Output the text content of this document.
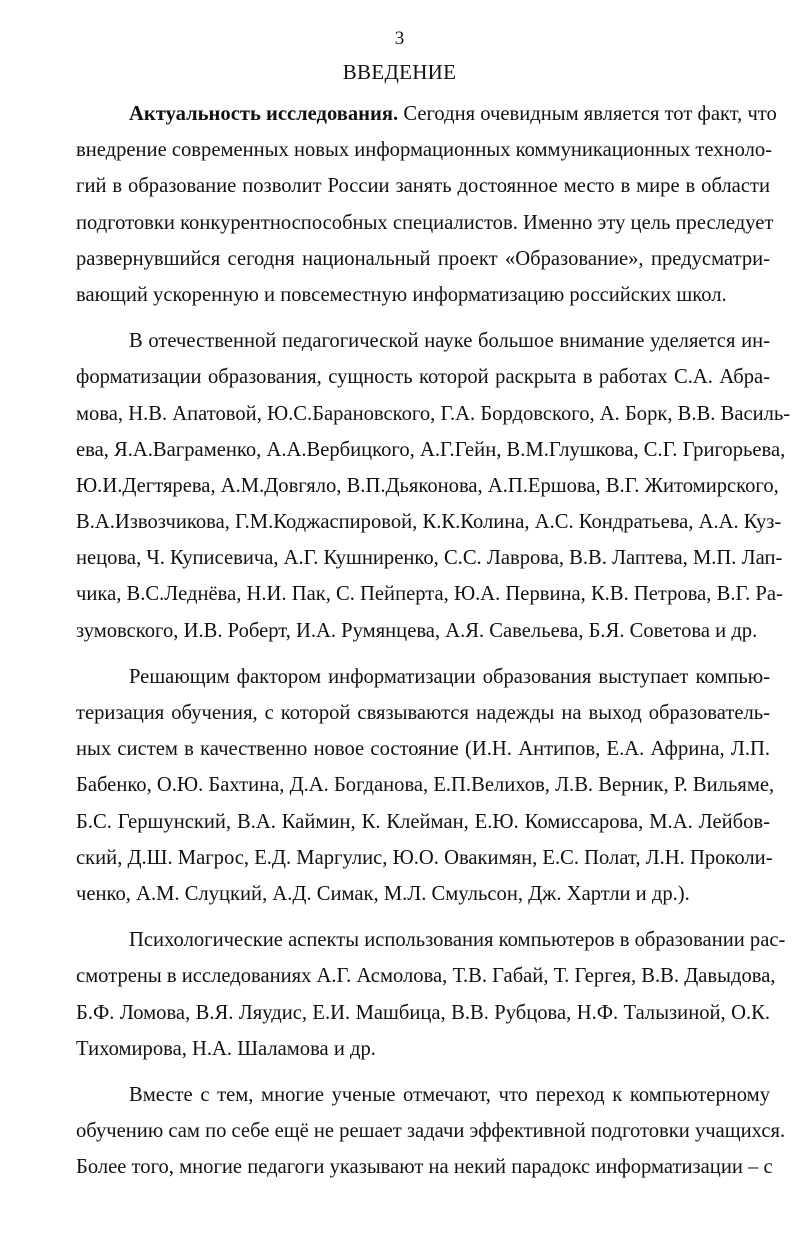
3
ВВЕДЕНИЕ
Актуальность исследования. Сегодня очевидным является тот факт, что
внедрение современных новых информационных коммуникационных техноло-
гий в образование позволит России занять достоянное место в мире в области
подготовки конкурентноспособных специалистов. Именно эту цель преследует
развернувшийся сегодня национальный проект «Образование», предусматри-
вающий ускоренную и повсеместную информатизацию российских школ.
В отечественной педагогической науке большое внимание уделяется ин-
форматизации образования, сущность которой раскрыта в работах С.А. Абра-
мова, Н.В. Апатовой, Ю.С.Барановского, Г.А. Бордовского, А. Борк, В.В. Василь-
ева, Я.А.Ваграменко, А.А.Вербицкого, А.Г.Гейн, В.М.Глушкова, С.Г. Григорьева,
Ю.И.Дегтярева, А.М.Довгяло, В.П.Дьяконова, А.П.Ершова, В.Г. Житомирского,
В.А.Извозчикова, Г.М.Коджаспировой, К.К.Колина, А.С. Кондратьева, А.А. Куз-
нецова, Ч. Куписевича, А.Г. Кушниренко, С.С. Лаврова, В.В. Лаптева, М.П. Лап-
чика, В.С.Леднёва, Н.И. Пак, С. Пейперта, Ю.А. Первина, К.В. Петрова, В.Г. Ра-
зумовского, И.В. Роберт, И.А. Румянцева, А.Я. Савельева, Б.Я. Советова и др.
Решающим фактором информатизации образования выступает компью-
теризация обучения, с которой связываются надежды на выход образователь-
ных систем в качественно новое состояние (И.Н. Антипов, Е.А. Африна, Л.П.
Бабенко, О.Ю. Бахтина, Д.А. Богданова, Е.П.Велихов, Л.В. Верник, Р. Вильяме,
Б.С. Гершунский, В.А. Каймин, К. Клейман, Е.Ю. Комиссарова, М.А. Лейбов-
ский, Д.Ш. Магрос, Е.Д. Маргулис, Ю.О. Овакимян, Е.С. Полат, Л.Н. Проколи-
ченко, А.М. Слуцкий, А.Д. Симак, М.Л. Смульсон, Дж. Хартли и др.).
Психологические аспекты использования компьютеров в образовании рас-
смотрены в исследованиях А.Г. Асмолова, Т.В. Габай, Т. Гергея, В.В. Давыдова,
Б.Ф. Ломова, В.Я. Ляудис, Е.И. Машбица, В.В. Рубцова, Н.Ф. Талызиной, О.К.
Тихомирова, Н.А. Шаламова и др.
Вместе с тем, многие ученые отмечают, что переход к компьютерному
обучению сам по себе ещё не решает задачи эффективной подготовки учащихся.
Более того, многие педагоги указывают на некий парадокс информатизации – с
